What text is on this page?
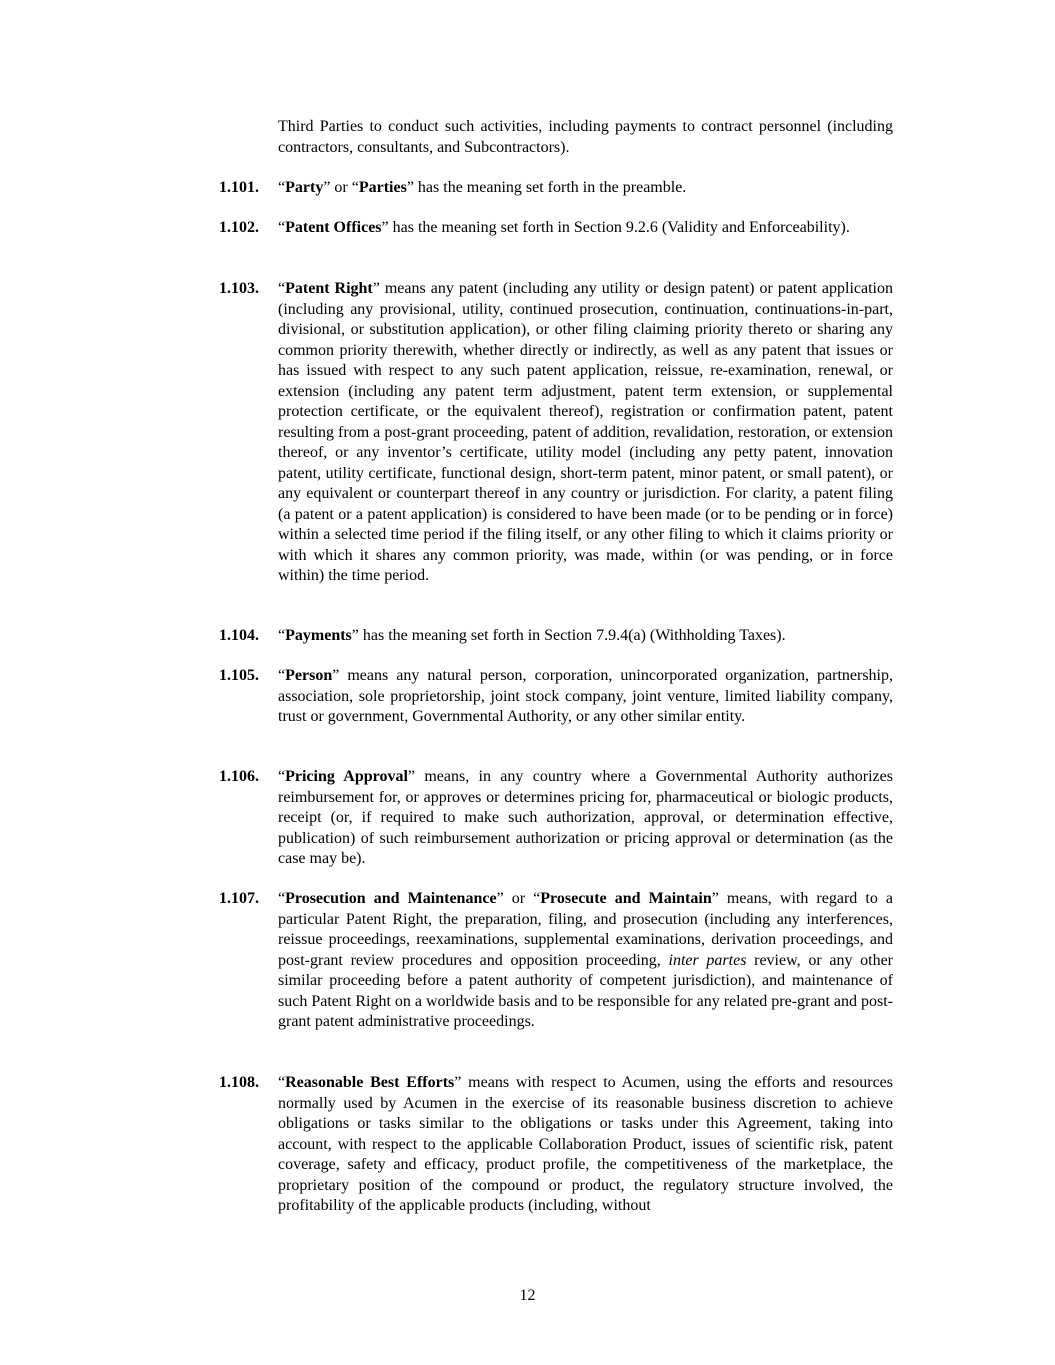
Third Parties to conduct such activities, including payments to contract personnel (including contractors, consultants, and Subcontractors).

1.101. “Party” or “Parties” has the meaning set forth in the preamble.

1.102. “Patent Offices” has the meaning set forth in Section 9.2.6 (Validity and Enforceability).

1.103. “Patent Right” means any patent (including any utility or design patent) or patent application (including any provisional, utility, continued prosecution, continuation, continuations-in-part, divisional, or substitution application), or other filing claiming priority thereto or sharing any common priority therewith, whether directly or indirectly, as well as any patent that issues or has issued with respect to any such patent application, reissue, re-examination, renewal, or extension (including any patent term adjustment, patent term extension, or supplemental protection certificate, or the equivalent thereof), registration or confirmation patent, patent resulting from a post-grant proceeding, patent of addition, revalidation, restoration, or extension thereof, or any inventor’s certificate, utility model (including any petty patent, innovation patent, utility certificate, functional design, short-term patent, minor patent, or small patent), or any equivalent or counterpart thereof in any country or jurisdiction. For clarity, a patent filing (a patent or a patent application) is considered to have been made (or to be pending or in force) within a selected time period if the filing itself, or any other filing to which it claims priority or with which it shares any common priority, was made, within (or was pending, or in force within) the time period.

1.104. “Payments” has the meaning set forth in Section 7.9.4(a) (Withholding Taxes).

1.105. “Person” means any natural person, corporation, unincorporated organization, partnership, association, sole proprietorship, joint stock company, joint venture, limited liability company, trust or government, Governmental Authority, or any other similar entity.

1.106. “Pricing Approval” means, in any country where a Governmental Authority authorizes reimbursement for, or approves or determines pricing for, pharmaceutical or biologic products, receipt (or, if required to make such authorization, approval, or determination effective, publication) of such reimbursement authorization or pricing approval or determination (as the case may be).

1.107. “Prosecution and Maintenance” or “Prosecute and Maintain” means, with regard to a particular Patent Right, the preparation, filing, and prosecution (including any interferences, reissue proceedings, reexaminations, supplemental examinations, derivation proceedings, and post-grant review procedures and opposition proceeding, inter partes review, or any other similar proceeding before a patent authority of competent jurisdiction), and maintenance of such Patent Right on a worldwide basis and to be responsible for any related pre-grant and post-grant patent administrative proceedings.

1.108. “Reasonable Best Efforts” means with respect to Acumen, using the efforts and resources normally used by Acumen in the exercise of its reasonable business discretion to achieve obligations or tasks similar to the obligations or tasks under this Agreement, taking into account, with respect to the applicable Collaboration Product, issues of scientific risk, patent coverage, safety and efficacy, product profile, the competitiveness of the marketplace, the proprietary position of the compound or product, the regulatory structure involved, the profitability of the applicable products (including, without

12
